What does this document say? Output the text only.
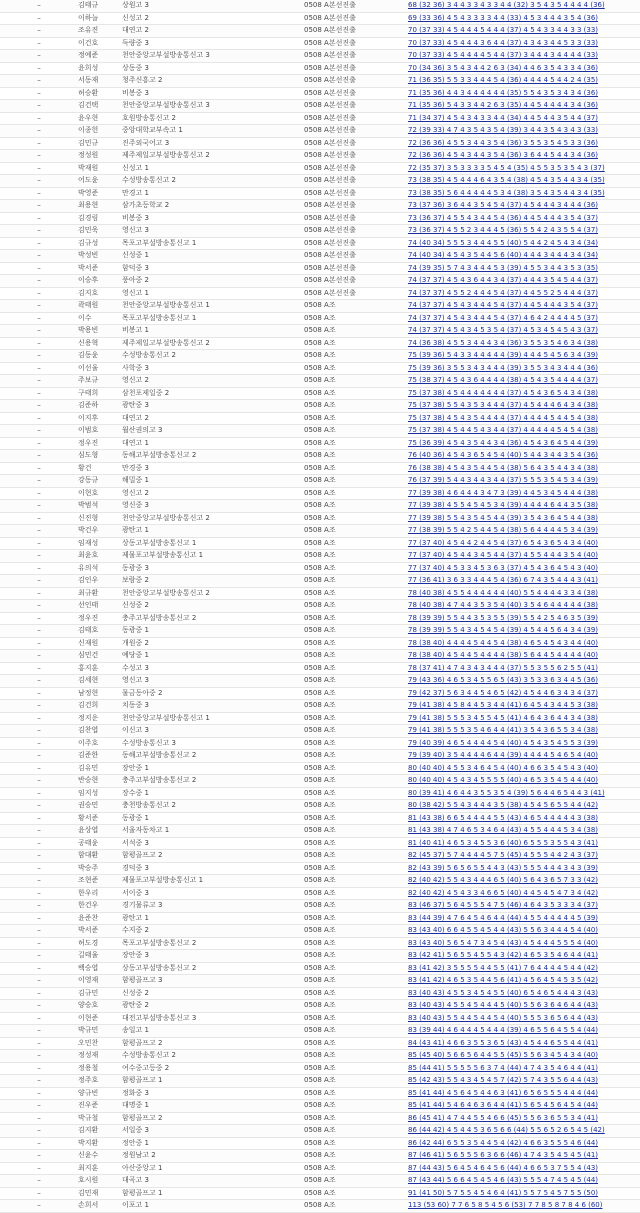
–	김태규	상원고 3	0508 A본선진출	68 (32 36) 3 4 4 3 3 4 3 3 4 4 (32) 3 5 4 3 5 4 4 4 4 (36)
–	이하늘	신성고 2	0508 A본선진출	69 (33 36) 4 5 4 3 3 3 3 4 4 (33) 4 5 3 4 4 4 3 5 4 (36)
–	조유진	대연고 2	0508 A본선진출	70 (37 33) 4 5 4 4 4 5 4 4 4 (37) 4 5 4 3 3 4 4 3 3 (33)
–	이건호	득량중 3	0508 A본선진출	70 (37 33) 4 5 4 4 4 3 6 4 4 (37) 4 3 4 3 4 4 5 3 3 (33)
–	정예준	천안중앙고부설방송통신고 3	0508 A본선진출	70 (37 33) 4 5 4 4 4 4 5 4 4 (37) 3 4 4 4 3 4 4 4 4 (33)
–	윤희성	상동중 3	0508 A본선진출	70 (34 36) 3 5 4 3 4 4 2 6 3 (34) 4 4 6 3 5 4 3 3 4 (36)
–	서동재	청주신흥고 2	0508 A본선진출	71 (36 35) 5 5 3 3 4 4 4 5 4 (36) 4 4 4 4 5 4 4 2 4 (35)
–	허승환	비봉중 3	0508 A본선진출	71 (35 36) 4 4 3 4 4 4 4 4 4 (35) 5 5 4 3 5 3 4 3 4 (36)
–	김건택	천안중앙고부설방송통신고 3	0508 A본선진출	71 (35 36) 5 4 3 3 4 4 2 6 3 (35) 4 4 5 4 4 4 4 3 4 (36)
–	윤우현	호원방송통신고 2	0508 A본선진출	71 (34 37) 4 5 4 3 4 3 3 4 4 (34) 4 4 5 4 4 3 5 4 4 (37)
–	이종헌	중앙대학교부속고 1	0508 A본선진출	72 (39 33) 4 7 4 3 5 4 3 5 4 (39) 3 4 4 3 5 4 3 4 3 (33)
–	김민규	진주외국어고 3	0508 A본선진출	72 (36 36) 4 5 5 3 4 4 3 5 4 (36) 3 5 5 3 5 4 5 3 3 (36)
–	정성원	제주제일고부설방송통신고 2	0508 A본선진출	72 (36 36) 4 5 4 3 4 4 3 5 4 (36) 3 6 4 4 5 4 4 3 4 (36)
–	박재원	신성고 1	0508 A본선진출	72 (35 37) 3 5 3 3 3 3 5 4 5 4 (35) 4 5 5 3 5 3 5 4 3 (37)
–	어도윤	수성방송통신고 2	0508 A본선진출	73 (38 35) 4 5 4 4 4 6 4 3 5 4 (38) 4 5 4 3 5 4 4 3 4 (35)
–	박영준	만경고 1	0508 A본선진출	73 (38 35) 5 6 4 4 4 4 4 5 3 4 (38) 3 5 4 3 5 4 4 3 4 (35)
–	최용현	삼가초등학교 2	0508 A본선진출	73 (37 36) 3 6 4 4 3 5 4 5 4 (37) 4 5 4 4 4 3 4 4 4 (36)
–	김경림	비봉중 3	0508 A본선진출	73 (36 37) 4 5 5 4 3 4 4 5 4 (36) 4 4 5 4 4 4 3 5 4 (37)
–	김민욱	영신고 3	0508 A본선진출	73 (36 37) 4 5 5 2 3 4 4 4 5 (36) 5 5 4 2 4 3 5 5 4 (37)
–	김규성	목포고부설방송통신고 1	0508 A본선진출	74 (40 34) 5 5 5 3 4 4 4 5 5 (40) 5 4 4 2 4 5 4 3 4 (34)
–	박성빈	신성중 1	0508 A본선진출	74 (40 34) 4 5 4 3 5 4 4 5 6 (40) 4 4 4 3 4 4 4 3 4 (34)
–	박서준	함덕중 3	0508 A본선진출	74 (39 35) 5 7 4 3 4 4 4 5 3 (39) 4 5 5 3 4 4 3 5 3 (35)
–	이승후	풍아중 2	0508 A본선진출	74 (37 37) 4 5 4 3 6 4 4 3 4 (37) 4 4 4 3 5 4 5 4 4 (37)
–	김지호	영신고 1	0508 A본선진출	74 (37 37) 4 5 5 2 4 4 4 5 4 (37) 4 4 5 5 2 5 4 4 4 (37)
–	곽태원	천안중앙고부설방송통신고 1	0508 A조	74 (37 37) 4 5 4 3 4 4 4 5 4 (37) 4 4 5 4 4 4 3 5 4 (37)
–	이수	목포고부설방송통신고 1	0508 A조	74 (37 37) 4 5 4 3 4 4 4 5 4 (37) 4 6 4 2 4 4 4 4 5 (37)
–	박용빈	비봉고 1	0508 A조	74 (37 37) 4 5 4 3 4 5 3 5 4 (37) 4 5 3 4 5 4 5 4 3 (37)
–	신용혁	제주제일고부설방송통신고 2	0508 A조	74 (36 38) 4 5 5 3 4 4 4 3 4 (36) 3 5 5 3 5 4 6 3 4 (38)
–	김동윤	수성방송통신고 2	0508 A조	75 (39 36) 5 4 3 3 4 4 4 4 4 (39) 4 4 4 5 4 5 6 3 4 (39)
–	이선율	사학중 3	0508 A조	75 (39 36) 3 5 5 3 4 3 4 4 4 (39) 3 5 5 3 4 3 4 4 4 (36)
–	주보규	영신고 2	0508 A조	75 (38 37) 4 5 4 3 6 4 4 4 4 (38) 4 5 4 3 5 4 4 4 4 (37)
–	구태희	삼천포제일중 2	0508 A조	75 (37 38) 4 5 4 4 4 4 4 4 4 (37) 4 5 4 3 6 5 4 3 4 (38)
–	김준하	광탄중 3	0508 A조	75 (37 38) 5 5 4 3 5 3 4 4 4 (37) 4 5 4 4 4 6 4 3 4 (38)
–	이지후	대연고 2	0508 A조	75 (37 38) 4 5 4 3 5 4 4 4 4 (37) 4 4 4 4 5 4 4 5 4 (38)
–	이범호	월산권의고 3	0508 A조	75 (37 38) 4 5 4 4 5 4 3 4 4 (37) 4 4 4 4 4 5 4 5 4 (38)
–	정우진	대연고 1	0508 A조	75 (36 39) 4 5 4 3 5 4 4 3 4 (36) 4 5 4 3 6 4 5 4 4 (39)
–	심도형	동해고부설방송통신고 2	0508 A조	76 (40 36) 4 5 4 3 6 5 4 5 4 (40) 5 4 4 3 4 4 3 5 4 (36)
–	황건	만경중 3	0508 A조	76 (38 38) 4 5 4 3 5 4 4 5 4 (38) 5 6 4 3 5 4 4 3 4 (38)
–	강동규	해밀중 1	0508 A조	76 (37 39) 5 4 4 3 4 4 3 4 4 (37) 5 5 5 3 5 4 5 3 4 (39)
–	이현호	영신고 2	0508 A조	77 (39 38) 4 6 4 4 4 3 4 7 3 (39) 4 4 5 3 4 5 4 4 4 (38)
–	박범석	영신중 3	0508 A조	77 (39 38) 4 5 5 4 5 4 5 3 4 (39) 4 4 4 4 6 4 4 3 5 (38)
–	신진형	천안중앙고부설방송통신고 2	0508 A조	77 (39 38) 5 5 4 3 5 4 5 4 4 (39) 3 5 4 3 6 4 5 4 4 (38)
–	박건우	광탄고 1	0508 A조	77 (38 39) 5 5 4 2 5 4 4 5 4 (38) 5 6 4 4 4 4 5 3 4 (39)
–	임재성	상동고부설방송통신고 1	0508 A조	77 (37 40) 4 5 4 4 2 4 4 5 4 (37) 6 5 4 3 6 5 4 3 4 (40)
–	최윤호	제물포고부설방송통신고 1	0508 A조	77 (37 40) 4 5 4 4 3 4 5 4 4 (37) 4 5 5 4 4 4 3 5 4 (40)
–	유의석	동광중 3	0508 A조	77 (37 40) 4 5 3 3 4 5 3 6 3 (37) 4 5 4 3 6 4 5 4 3 (40)
–	김인우	보람중 2	0508 A조	77 (36 41) 3 6 3 3 4 4 4 5 4 (36) 6 7 4 3 5 4 4 4 3 (41)
–	최규환	천안중앙고부설방송통신고 2	0508 A조	78 (40 38) 4 5 5 4 4 4 4 4 4 (40) 5 5 4 4 4 4 3 3 4 (38)
–	선인태	신성중 2	0508 A조	78 (40 38) 4 7 4 4 3 5 3 5 4 (40) 3 5 4 6 4 4 4 4 4 (38)
–	정우진	충주고부설방송통신고 2	0508 A조	78 (39 39) 5 5 4 4 3 5 3 5 5 (39) 5 5 4 2 5 4 6 3 5 (39)
–	김태호	동광중 1	0508 A조	78 (39 39) 5 5 4 3 4 5 4 5 4 (39) 4 5 4 4 5 6 4 3 4 (39)
–	신재원	개원중 2	0508 A조	78 (38 40) 4 4 4 4 5 4 4 5 4 (38) 4 6 5 4 5 4 3 4 4 (40)
–	심민건	예당중 1	0508 A조	78 (38 40) 4 5 4 4 5 4 4 4 4 (38) 5 6 4 4 5 4 4 4 4 (40)
–	홍지훈	수성고 3	0508 A조	78 (37 41) 4 7 4 3 4 3 4 4 4 (37) 5 5 3 5 5 6 2 5 5 (41)
–	김세현	영신고 3	0508 A조	79 (43 36) 4 6 5 3 4 5 5 6 5 (43) 3 5 3 3 6 3 4 4 5 (36)
–	남정현	물금동아중 2	0508 A조	79 (42 37) 5 6 3 4 4 5 4 6 5 (42) 4 5 4 4 6 3 4 3 4 (37)
–	김건희	치동중 3	0508 A조	79 (41 38) 4 5 8 4 4 5 3 4 4 (41) 6 4 5 4 3 4 4 5 3 (38)
–	정지운	천안중앙고부설방송통신고 1	0508 A조	79 (41 38) 5 5 5 3 4 5 5 4 5 (41) 4 6 4 3 6 4 4 3 4 (38)
–	김찬엽	이신고 3	0508 A조	79 (41 38) 5 5 5 3 5 4 6 4 4 (41) 3 5 4 3 6 5 5 3 4 (38)
–	이주호	수성방송통신고 3	0508 A조	79 (40 39) 4 6 5 4 4 4 4 5 4 (40) 4 5 4 3 5 4 5 5 3 (39)
–	김준한	동해고부설방송통신고 2	0508 A조	79 (39 40) 3 5 4 4 4 4 6 4 4 (39) 4 4 4 4 5 4 6 5 4 (40)
–	김유민	장안중 1	0508 A조	80 (40 40) 4 5 5 3 4 6 4 5 4 (40) 4 6 6 3 5 4 5 4 3 (40)
–	반승현	충주고부설방송통신고 2	0508 A조	80 (40 40) 4 5 4 3 4 5 5 5 5 (40) 4 6 5 3 5 4 5 4 4 (40)
–	임지성	장수중 1	0508 A조	80 (39 41) 4 6 4 4 3 5 5 3 5 4 (39) 5 6 4 4 6 5 4 4 3 (41)
–	권승민	충천방송통신고 2	0508 A조	80 (38 42) 5 5 4 3 4 4 4 3 5 (38) 4 5 4 5 6 5 5 4 4 (42)
–	황서준	동광중 1	0508 A조	81 (43 38) 6 6 5 4 4 4 4 5 5 (43) 4 6 5 4 4 4 4 4 3 (38)
–	윤상엽	서울자동차고 1	0508 A조	81 (43 38) 4 7 4 6 5 3 4 6 4 (43) 4 5 5 4 4 4 5 3 4 (38)
–	공태윤	서석중 3	0508 A조	81 (40 41) 4 6 5 3 4 5 5 3 6 (40) 6 5 5 5 3 5 5 4 3 (41)
–	함대환	함평골프고 2	0508 A조	82 (45 37) 5 7 4 4 4 4 5 7 5 (45) 4 5 5 5 4 4 2 4 3 (37)
–	박승주	경덕중 3	0508 A조	82 (43 39) 5 6 5 6 5 5 4 4 3 (43) 5 5 5 4 4 4 3 4 3 (39)
–	조현준	제물포고부설방송통신고 1	0508 A조	82 (40 42) 5 5 4 3 4 4 4 6 5 (40) 5 6 4 3 6 5 7 3 3 (42)
–	한우리	서이중 3	0508 A조	82 (40 42) 4 5 4 3 3 4 6 6 5 (40) 4 4 5 4 5 4 7 3 4 (42)
–	한건우	경기물류고 3	0508 A조	83 (46 37) 5 6 4 5 5 5 4 7 5 (46) 4 6 4 3 5 3 3 3 4 (37)
–	윤준찬	광탄고 1	0508 A조	83 (44 39) 4 7 6 4 5 4 6 4 4 (44) 4 5 5 4 4 4 4 4 5 (39)
–	박서준	수지중 2	0508 A조	83 (43 40) 6 6 4 5 5 4 5 4 4 (43) 5 5 6 3 4 4 4 5 4 (40)
–	허도경	목포고부설방송통신고 2	0508 A조	83 (43 40) 5 6 5 4 7 3 4 5 4 (43) 4 5 4 4 4 5 5 5 4 (40)
–	길태율	장안중 3	0508 A조	83 (42 41) 5 6 5 5 4 5 5 4 3 (42) 4 6 5 3 5 4 6 4 4 (41)
–	백승엽	상동고부설방송통신고 2	0508 A조	83 (41 42) 3 5 5 5 5 4 4 5 5 (41) 7 6 4 4 4 4 5 4 4 (42)
–	이영재	함평골프고 3	0508 A조	83 (41 42) 4 6 5 3 5 4 4 5 6 (41) 4 5 6 4 5 4 5 3 5 (42)
–	김규민	신성중 2	0508 A조	83 (40 43) 4 5 5 3 4 5 4 5 5 (40) 6 5 4 6 5 4 4 4 3 (43)
–	양승호	광탄중 2	0508 A조	83 (40 43) 4 5 5 4 5 4 4 4 5 (40) 5 5 6 3 6 4 6 4 4 (43)
–	이현준	대전고부설방송통신고 3	0508 A조	83 (40 43) 5 5 4 4 5 4 4 5 4 (40) 5 5 5 3 6 5 6 4 4 (43)
–	박규민	송일고 1	0508 A조	83 (39 44) 4 6 4 4 4 5 4 4 4 (39) 4 6 5 5 6 4 5 5 4 (44)
–	오민찬	함평골프고 2	0508 A조	84 (43 41) 4 6 6 3 5 5 3 6 5 (43) 4 5 4 4 6 5 5 4 4 (41)
–	정성재	수성방송통신고 2	0508 A조	85 (45 40) 5 6 6 5 6 4 4 5 5 (45) 5 5 6 3 4 5 4 3 4 (40)
–	정용철	여수중고등중 2	0508 A조	85 (44 41) 5 5 5 5 5 6 3 7 4 (44) 4 7 4 3 5 4 6 4 4 (41)
–	정주호	함평골프고 1	0508 A조	85 (42 43) 5 5 4 3 4 5 4 5 7 (42) 5 7 4 3 5 5 6 4 4 (43)
–	양규빈	정화중 3	0508 A조	85 (41 44) 4 5 6 4 5 4 4 6 3 (41) 6 5 6 5 5 5 4 4 4 (44)
–	진우준	대명중 1	0508 A조	85 (41 44) 5 4 6 4 6 3 6 4 4 (41) 5 6 5 4 5 6 4 5 4 (44)
–	박규철	함평골프고 2	0508 A조	86 (45 41) 4 7 4 4 5 5 4 6 6 (45) 5 5 6 3 6 5 5 3 4 (41)
–	김지환	서일중 3	0508 A조	86 (44 42) 4 5 4 4 5 3 6 5 6 6 (44) 5 5 6 5 2 6 5 4 5 (42)
–	박지환	정안중 1	0508 A조	86 (42 44) 6 5 5 3 5 4 4 5 4 (42) 4 6 6 3 5 5 5 4 6 (44)
–	신윤수	정원남고 2	0508 A조	87 (46 41) 5 6 5 5 5 6 3 6 6 (46) 4 7 4 3 5 4 5 4 5 (41)
–	최지훈	아산중앙고 1	0508 A조	87 (44 43) 5 6 4 5 4 6 4 5 6 (44) 4 6 6 5 3 7 5 5 4 (43)
–	호시원	대곡고 3	0508 A조	87 (43 44) 5 6 6 4 5 4 5 4 6 (43) 5 5 5 4 7 4 5 4 5 (44)
–	김민재	함평골프고 1	0508 A조	91 (41 50) 5 7 5 5 4 5 4 6 4 (41) 5 5 7 5 4 5 7 5 5 (50)
–	손희서	이포고 1	0508 A조	113 (53 60) 7 7 6 5 8 5 4 5 6 (53) 7 7 8 5 8 7 8 4 6 (60)
